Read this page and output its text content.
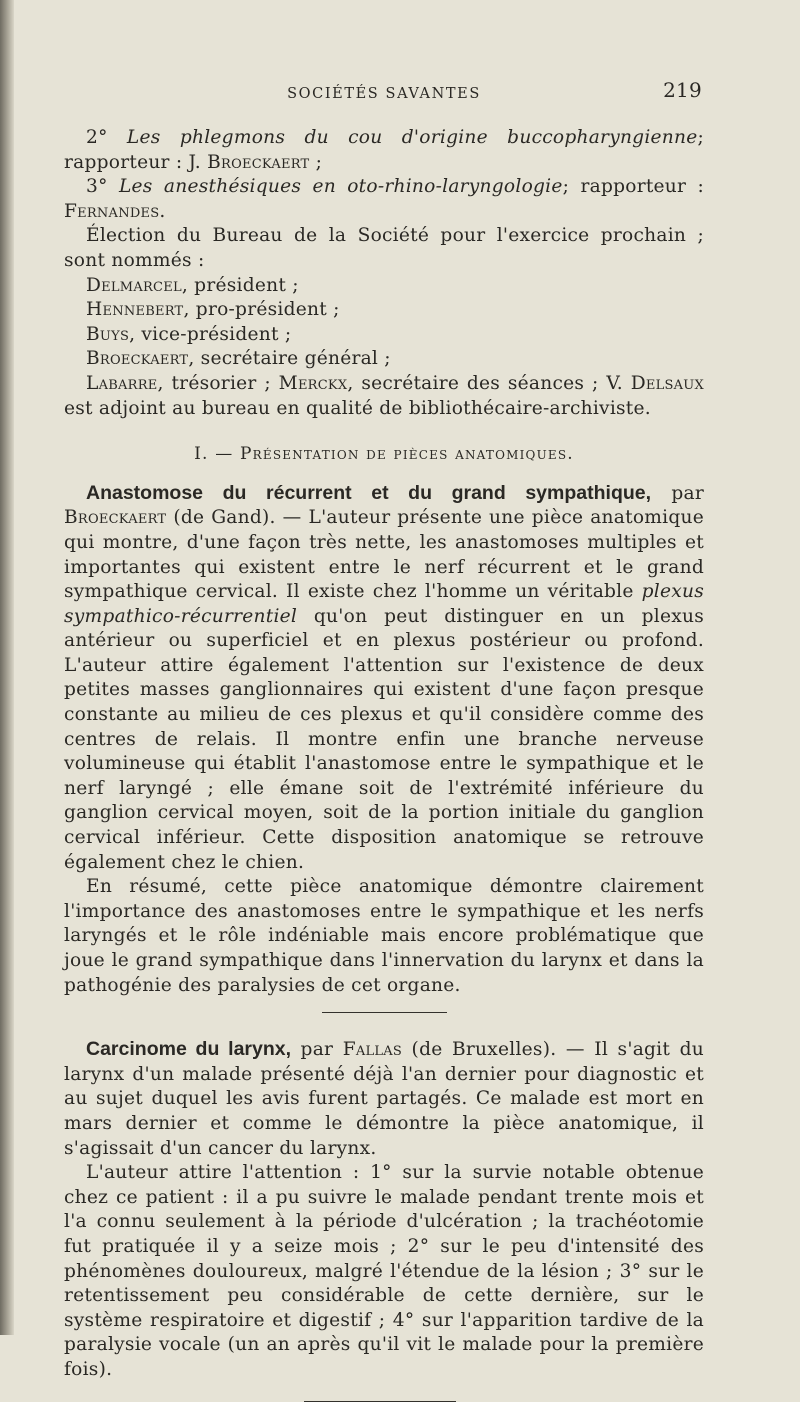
SOCIÉTÉS SAVANTES	219

2° Les phlegmons du cou d'origine buccopharyngienne; rapporteur : J. Broeckaert ;

3° Les anesthésiques en oto-rhino-laryngologie; rapporteur : Fernandes.

Élection du Bureau de la Société pour l'exercice prochain ; sont nommés :

Delmarcel, président ;

Hennebert, pro-président ;

Buys, vice-président ;

Broeckaert, secrétaire général ;

Labarre, trésorier ; Merckx, secrétaire des séances ; V. Delsaux est adjoint au bureau en qualité de bibliothécaire-archiviste.

I. — Présentation de pièces anatomiques.

Anastomose du récurrent et du grand sympathique, par Broeckaert (de Gand). — L'auteur présente une pièce anatomique qui montre, d'une façon très nette, les anastomoses multiples et importantes qui existent entre le nerf récurrent et le grand sympathique cervical. Il existe chez l'homme un véritable plexus sympathico-récurrentiel qu'on peut distinguer en un plexus antérieur ou superficiel et en plexus postérieur ou profond. L'auteur attire également l'attention sur l'existence de deux petites masses ganglionnaires qui existent d'une façon presque constante au milieu de ces plexus et qu'il considère comme des centres de relais. Il montre enfin une branche nerveuse volumineuse qui établit l'anastomose entre le sympathique et le nerf laryngé ; elle émane soit de l'extrémité inférieure du ganglion cervical moyen, soit de la portion initiale du ganglion cervical inférieur. Cette disposition anatomique se retrouve également chez le chien.

En résumé, cette pièce anatomique démontre clairement l'importance des anastomoses entre le sympathique et les nerfs laryngés et le rôle indéniable mais encore problématique que joue le grand sympathique dans l'innervation du larynx et dans la pathogénie des paralysies de cet organe.

Carcinome du larynx, par Fallas (de Bruxelles). — Il s'agit du larynx d'un malade présenté déjà l'an dernier pour diagnostic et au sujet duquel les avis furent partagés. Ce malade est mort en mars dernier et comme le démontre la pièce anatomique, il s'agissait d'un cancer du larynx.

L'auteur attire l'attention : 1° sur la survie notable obtenue chez ce patient : il a pu suivre le malade pendant trente mois et l'a connu seulement à la période d'ulcération ; la trachéotomie fut pratiquée il y a seize mois ; 2° sur le peu d'intensité des phénomènes douloureux, malgré l'étendue de la lésion ; 3° sur le retentissement peu considérable de cette dernière, sur le système respiratoire et digestif ; 4° sur l'apparition tardive de la paralysie vocale (un an après qu'il vit le malade pour la première fois).
